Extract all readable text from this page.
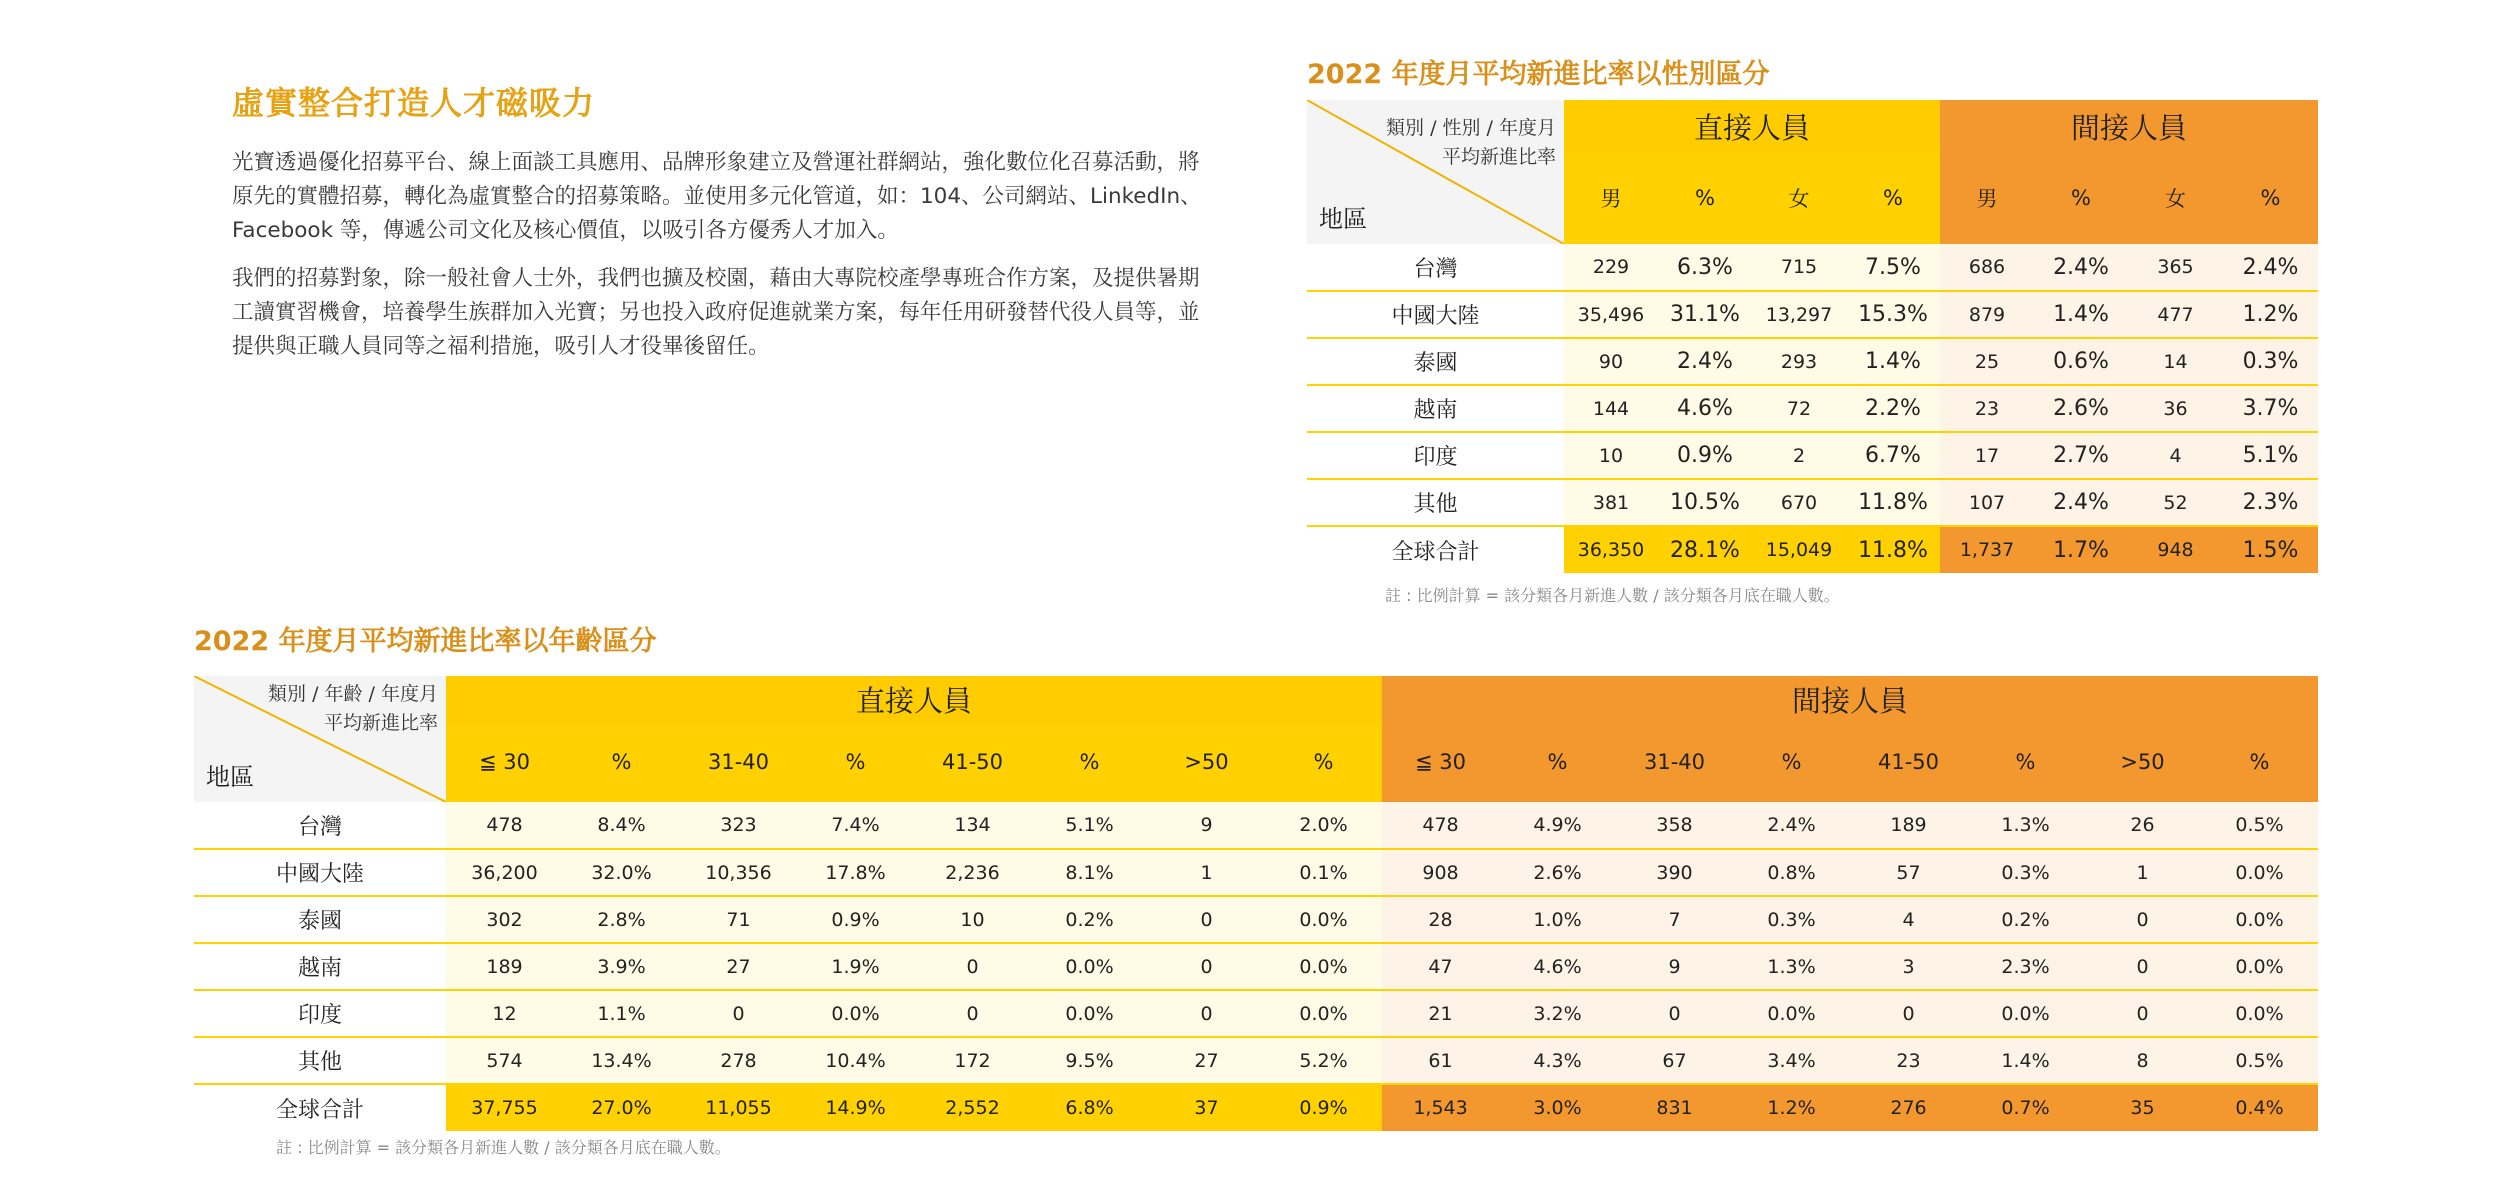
虛實整合打造人才磁吸力

光寶透過優化招募平台、線上面談工具應用、品牌形象建立及營運社群網站，強化數位化召募活動，將原先的實體招募，轉化為虛實整合的招募策略。並使用多元化管道，如：104、公司網站、LinkedIn、Facebook 等，傳遞公司文化及核心價值，以吸引各方優秀人才加入。

我們的招募對象，除一般社會人士外，我們也擴及校園，藉由大專院校產學專班合作方案，及提供暑期工讀實習機會，培養學生族群加入光寶；另也投入政府促進就業方案，每年任用研發替代役人員等，並提供與正職人員同等之福利措施，吸引人才役畢後留任。

2022 年度月平均新進比率以性別區分
類別 / 性別 / 年度月
平均新進比率
地區	直接人員				間接人員			
	男	%	女	%	男	%	女	%
台灣	229	6.3%	715	7.5%	686	2.4%	365	2.4%
中國大陸	35,496	31.1%	13,297	15.3%	879	1.4%	477	1.2%
泰國	90	2.4%	293	1.4%	25	0.6%	14	0.3%
越南	144	4.6%	72	2.2%	23	2.6%	36	3.7%
印度	10	0.9%	2	6.7%	17	2.7%	4	5.1%
其他	381	10.5%	670	11.8%	107	2.4%	52	2.3%
全球合計	36,350	28.1%	15,049	11.8%	1,737	1.7%	948	1.5%
註 : 比例計算 = 該分類各月新進人數 / 該分類各月底在職人數。
2022 年度月平均新進比率以年齡區分
類別 / 年齡 / 年度月
平均新進比率
地區	直接人員								間接人員							
	≦ 30	%	31-40	%	41-50	%	>50	%	≦ 30	%	31-40	%	41-50	%	>50	%
台灣	478	8.4%	323	7.4%	134	5.1%	9	2.0%	478	4.9%	358	2.4%	189	1.3%	26	0.5%
中國大陸	36,200	32.0%	10,356	17.8%	2,236	8.1%	1	0.1%	908	2.6%	390	0.8%	57	0.3%	1	0.0%
泰國	302	2.8%	71	0.9%	10	0.2%	0	0.0%	28	1.0%	7	0.3%	4	0.2%	0	0.0%
越南	189	3.9%	27	1.9%	0	0.0%	0	0.0%	47	4.6%	9	1.3%	3	2.3%	0	0.0%
印度	12	1.1%	0	0.0%	0	0.0%	0	0.0%	21	3.2%	0	0.0%	0	0.0%	0	0.0%
其他	574	13.4%	278	10.4%	172	9.5%	27	5.2%	61	4.3%	67	3.4%	23	1.4%	8	0.5%
全球合計	37,755	27.0%	11,055	14.9%	2,552	6.8%	37	0.9%	1,543	3.0%	831	1.2%	276	0.7%	35	0.4%
註 : 比例計算 = 該分類各月新進人數 / 該分類各月底在職人數。
